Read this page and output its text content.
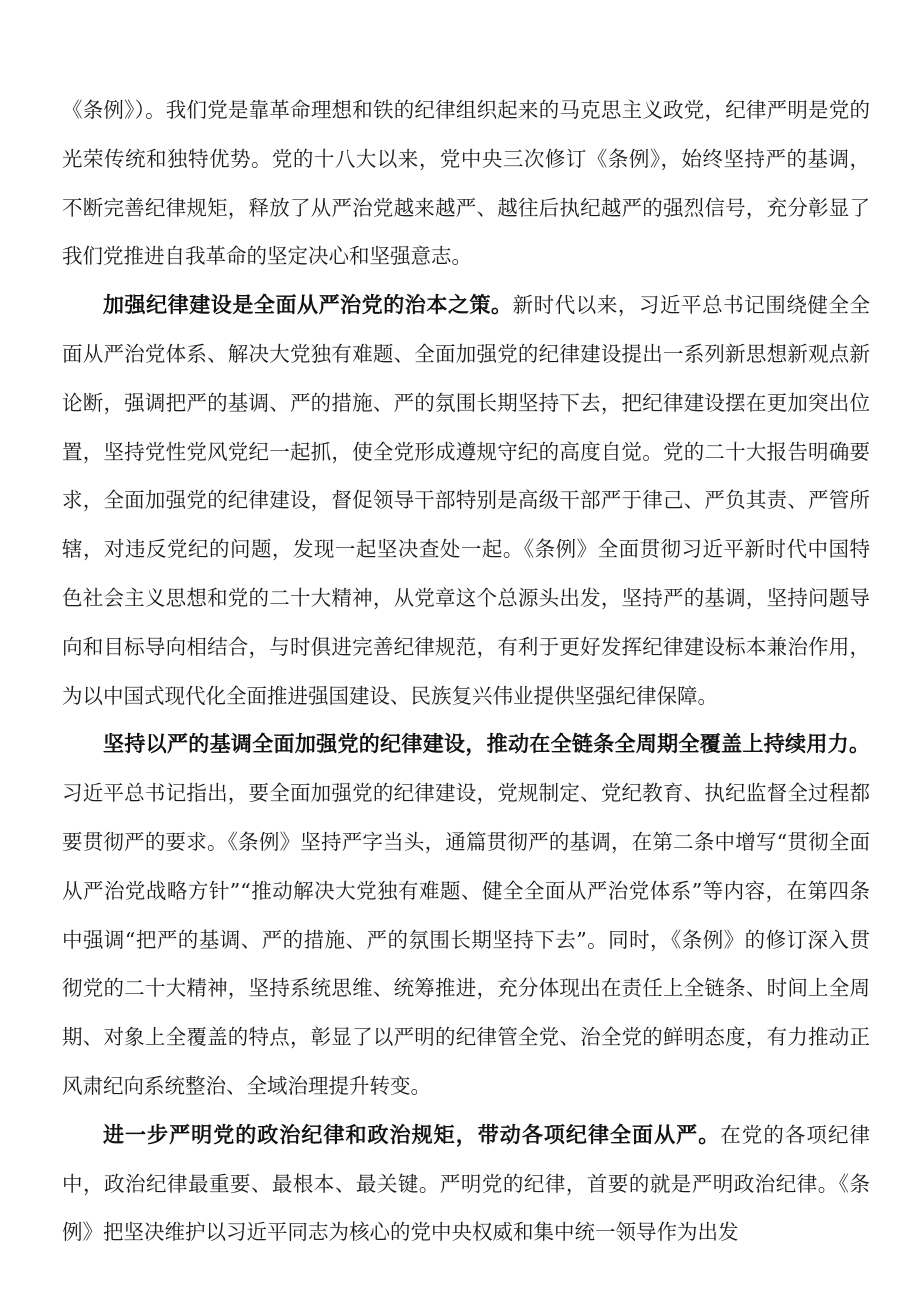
《条例》）。我们党是靠革命理想和铁的纪律组织起来的马克思主义政党，纪律严明是党的光荣传统和独特优势。党的十八大以来，党中央三次修订《条例》，始终坚持严的基调，不断完善纪律规矩，释放了从严治党越来越严、越往后执纪越严的强烈信号，充分彰显了我们党推进自我革命的坚定决心和坚强意志。

加强纪律建设是全面从严治党的治本之策。新时代以来，习近平总书记围绕健全全面从严治党体系、解决大党独有难题、全面加强党的纪律建设提出一系列新思想新观点新论断，强调把严的基调、严的措施、严的氛围长期坚持下去，把纪律建设摆在更加突出位置，坚持党性党风党纪一起抓，使全党形成遵规守纪的高度自觉。党的二十大报告明确要求，全面加强党的纪律建设，督促领导干部特别是高级干部严于律己、严负其责、严管所辖，对违反党纪的问题，发现一起坚决查处一起。《条例》全面贯彻习近平新时代中国特色社会主义思想和党的二十大精神，从党章这个总源头出发，坚持严的基调，坚持问题导向和目标导向相结合，与时俱进完善纪律规范，有利于更好发挥纪律建设标本兼治作用，为以中国式现代化全面推进强国建设、民族复兴伟业提供坚强纪律保障。

坚持以严的基调全面加强党的纪律建设，推动在全链条全周期全覆盖上持续用力。习近平总书记指出，要全面加强党的纪律建设，党规制定、党纪教育、执纪监督全过程都要贯彻严的要求。《条例》坚持严字当头，通篇贯彻严的基调，在第二条中增写“贯彻全面从严治党战略方针”“推动解决大党独有难题、健全全面从严治党体系”等内容，在第四条中强调“把严的基调、严的措施、严的氛围长期坚持下去”。同时，《条例》的修订深入贯彻党的二十大精神，坚持系统思维、统筹推进，充分体现出在责任上全链条、时间上全周期、对象上全覆盖的特点，彰显了以严明的纪律管全党、治全党的鲜明态度，有力推动正风肃纪向系统整治、全域治理提升转变。

进一步严明党的政治纪律和政治规矩，带动各项纪律全面从严。在党的各项纪律中，政治纪律最重要、最根本、最关键。严明党的纪律，首要的就是严明政治纪律。《条例》把坚决维护以习近平同志为核心的党中央权威和集中统一领导作为出发
